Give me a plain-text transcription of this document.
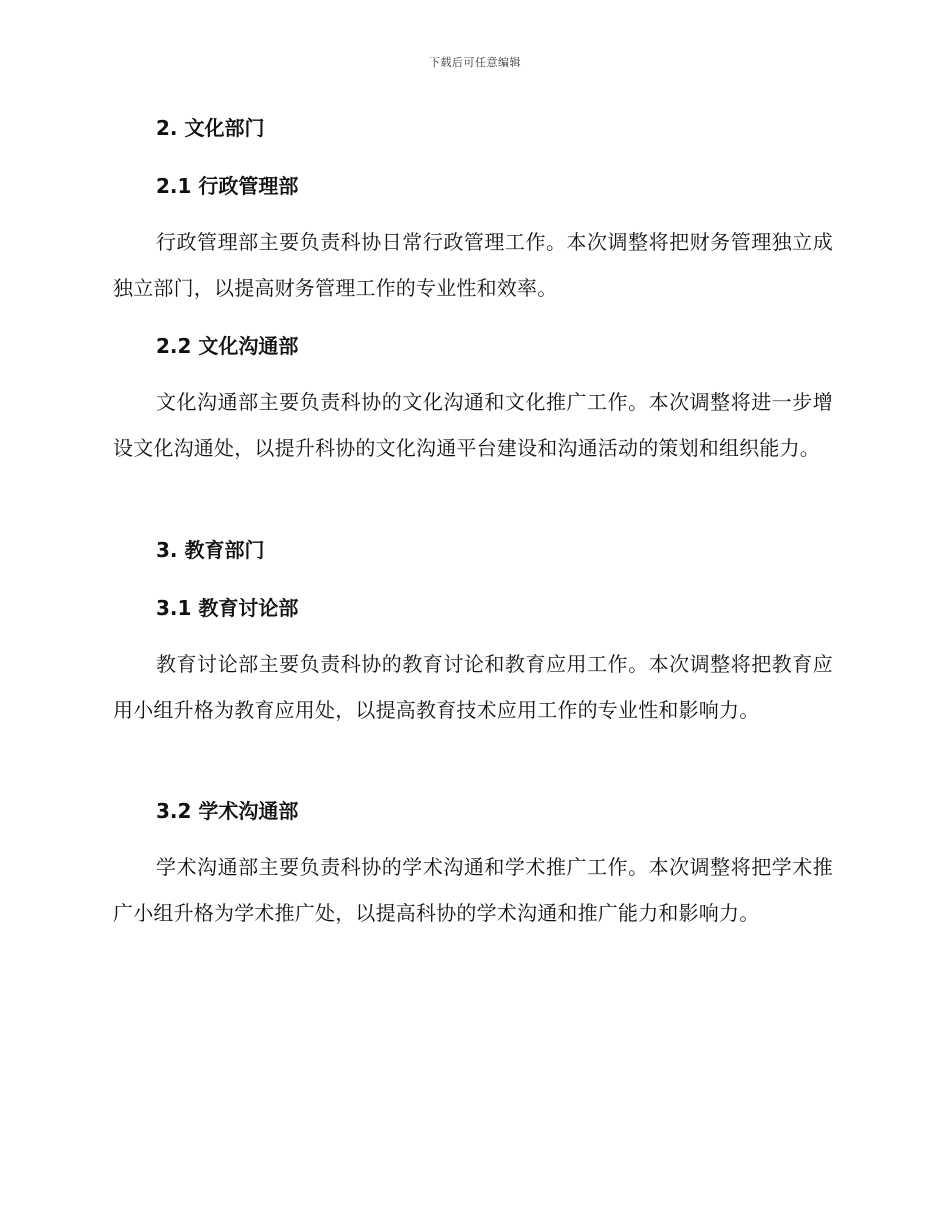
下载后可任意编辑
2. 文化部门
2.1 行政管理部
行政管理部主要负责科协日常行政管理工作。本次调整将把财务管理独立成独立部门，以提高财务管理工作的专业性和效率。
2.2 文化沟通部
文化沟通部主要负责科协的文化沟通和文化推广工作。本次调整将进一步增设文化沟通处，以提升科协的文化沟通平台建设和沟通活动的策划和组织能力。
3. 教育部门
3.1 教育讨论部
教育讨论部主要负责科协的教育讨论和教育应用工作。本次调整将把教育应用小组升格为教育应用处，以提高教育技术应用工作的专业性和影响力。
3.2 学术沟通部
学术沟通部主要负责科协的学术沟通和学术推广工作。本次调整将把学术推广小组升格为学术推广处，以提高科协的学术沟通和推广能力和影响力。
